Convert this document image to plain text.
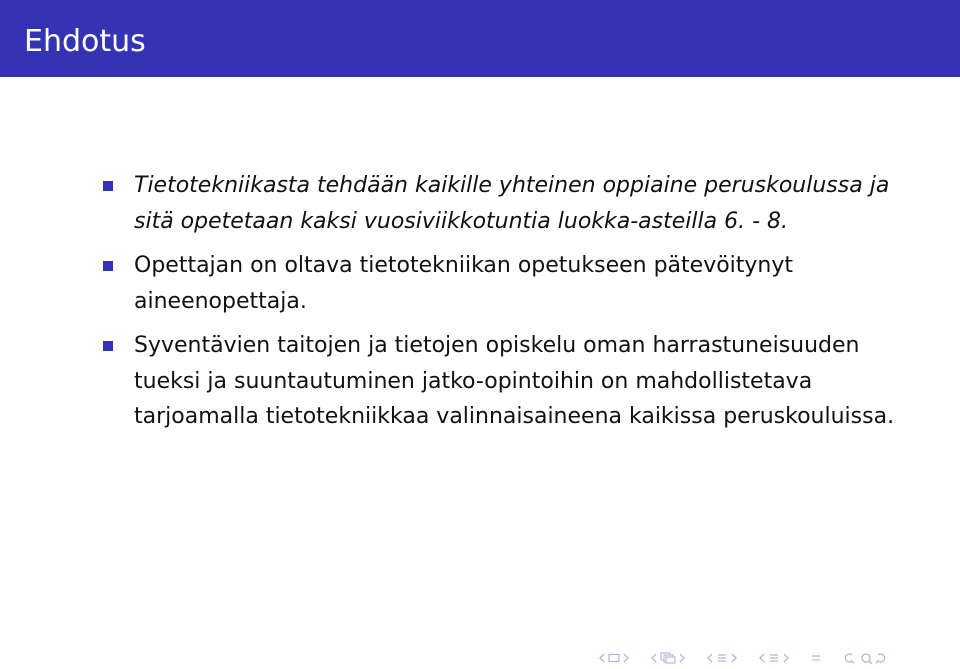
Ehdotus
Tietotekniikasta tehdään kaikille yhteinen oppiaine peruskoulussa ja sitä opetetaan kaksi vuosiviikkotuntia luokka-asteilla 6. - 8.
Opettajan on oltava tietotekniikan opetukseen pätevöitynyt aineenopettaja.
Syventävien taitojen ja tietojen opiskelu oman harrastuneisuuden tueksi ja suuntautuminen jatko-opintoihin on mahdollistetava tarjoamalla tietotekniikkaa valinnaisaineena kaikissa peruskouluissa.
